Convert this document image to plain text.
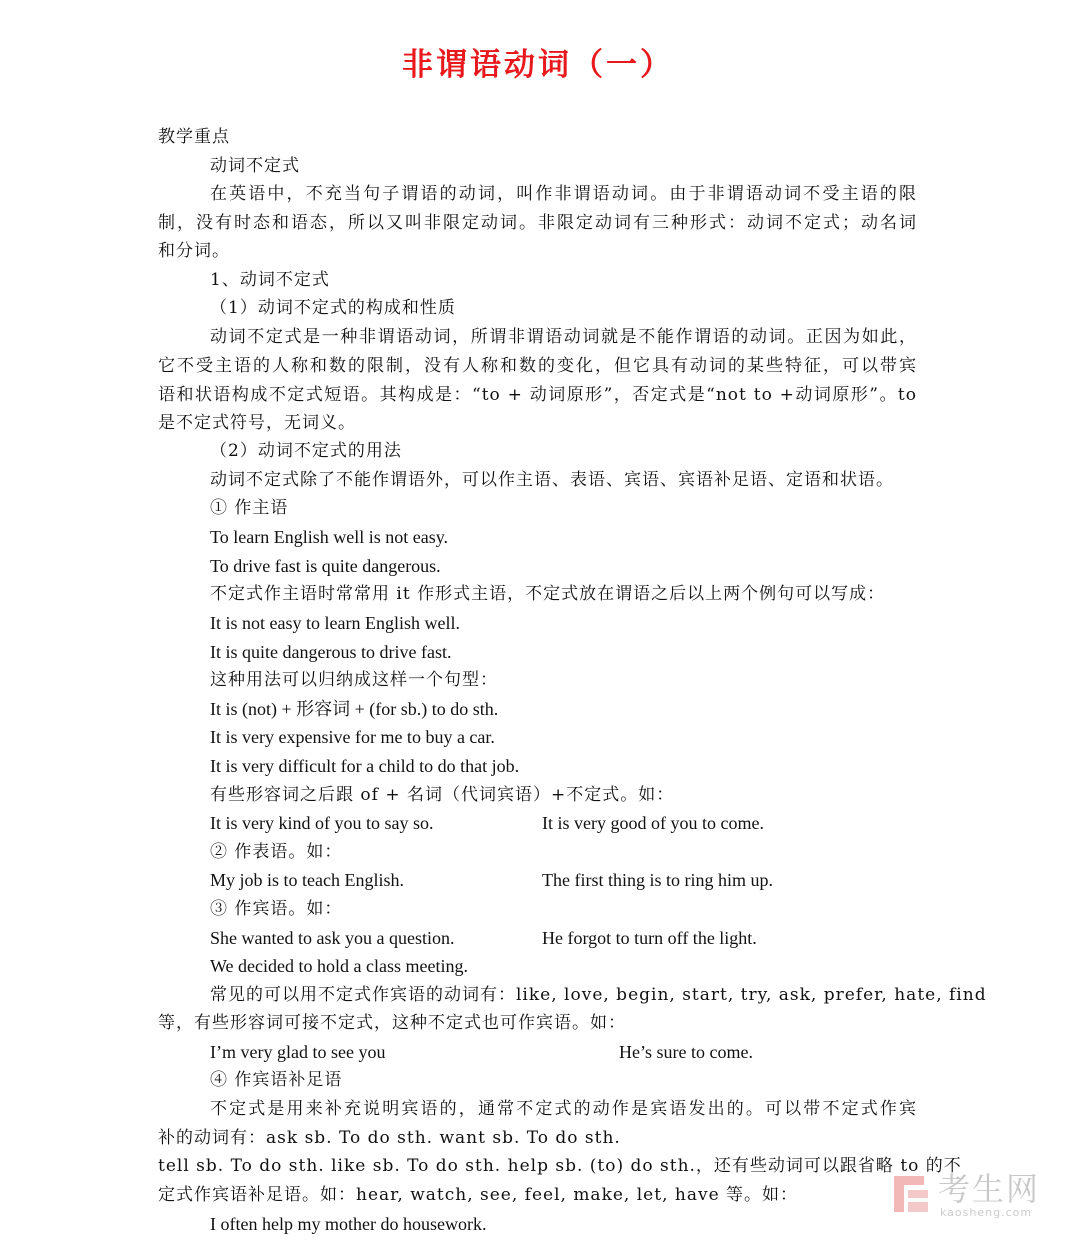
非谓语动词（一）
教学重点
动词不定式
在英语中，不充当句子谓语的动词，叫作非谓语动词。由于非谓语动词不受主语的限
制，没有时态和语态，所以又叫非限定动词。非限定动词有三种形式：动词不定式；动名词
和分词。
1、动词不定式
（1）动词不定式的构成和性质
动词不定式是一种非谓语动词，所谓非谓语动词就是不能作谓语的动词。正因为如此，
它不受主语的人称和数的限制，没有人称和数的变化，但它具有动词的某些特征，可以带宾
语和状语构成不定式短语。其构成是：“to + 动词原形”，否定式是“not to +动词原形”。to
是不定式符号，无词义。
（2）动词不定式的用法
动词不定式除了不能作谓语外，可以作主语、表语、宾语、宾语补足语、定语和状语。
① 作主语
To learn English well is not easy.
To drive fast is quite dangerous.
不定式作主语时常常用 it 作形式主语，不定式放在谓语之后以上两个例句可以写成：
It is not easy to learn English well.
It is quite dangerous to drive fast.
这种用法可以归纳成这样一个句型：
It is (not) + 形容词 + (for sb.) to do sth.
It is very expensive for me to buy a car.
It is very difficult for a child to do that job.
有些形容词之后跟 of + 名词（代词宾语）+不定式。如：
It is very kind of you to say so.	It is very good of you to come.
② 作表语。如：
My job is to teach English.	The first thing is to ring him up.
③ 作宾语。如：
She wanted to ask you a question.	He forgot to turn off the light.
We decided to hold a class meeting.
常见的可以用不定式作宾语的动词有：like, love, begin, start, try, ask, prefer, hate, find
等，有些形容词可接不定式，这种不定式也可作宾语。如：
I’m very glad to see you	He’s sure to come.
④ 作宾语补足语
不定式是用来补充说明宾语的，通常不定式的动作是宾语发出的。可以带不定式作宾
补的动词有：ask sb. To do sth. want sb. To do sth.
tell sb. To do sth. like sb. To do sth. help sb. (to) do sth.，还有些动词可以跟省略 to 的不
定式作宾语补足语。如：hear, watch, see, feel, make, let, have 等。如：
I often help my mother do housework.
考生网
kaosheng.com
